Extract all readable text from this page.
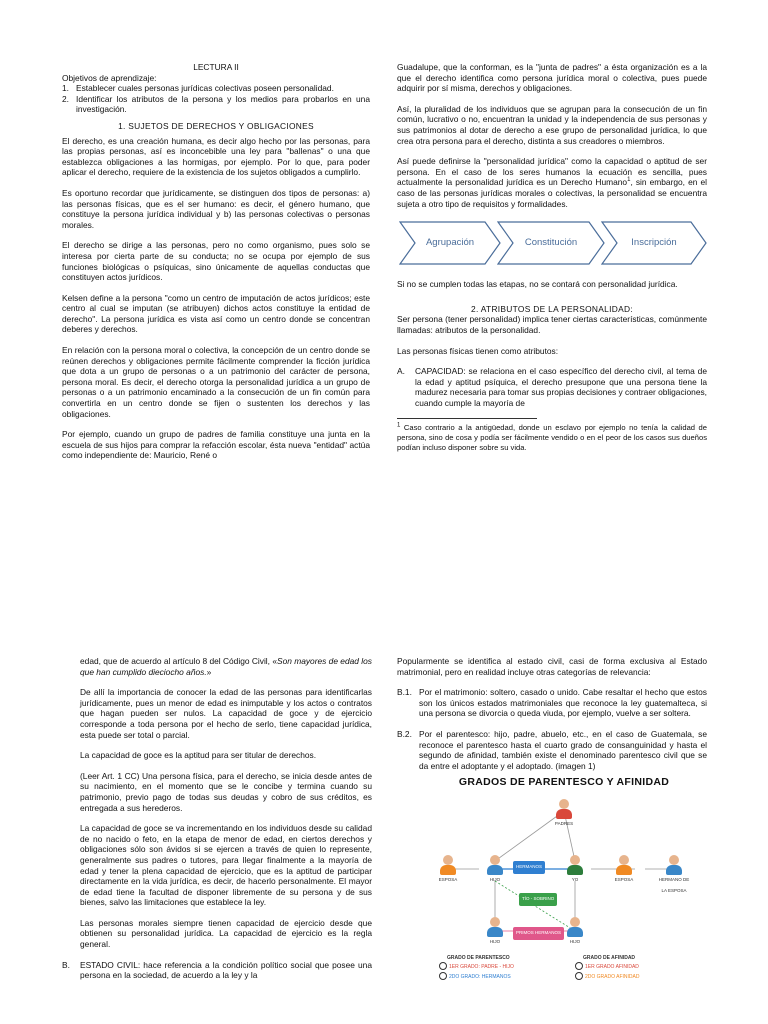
LECTURA II

Objetivos de aprendizaje:

1. Establecer cuales personas jurídicas colectivas poseen personalidad.
2. Identificar los atributos de la persona y los medios para probarlos en una investigación.
1. SUJETOS DE DERECHOS Y OBLIGACIONES

El derecho, es una creación humana, es decir algo hecho por las personas, para las propias personas, así es inconcebible una ley para "ballenas" o una que establezca obligaciones a las hormigas, por ejemplo. Por lo que, para poder aplicar el derecho, requiere de la existencia de los sujetos obligados a cumplirlo.

Es oportuno recordar que jurídicamente, se distinguen dos tipos de personas: a) las personas físicas, que es el ser humano: es decir, el género humano, que constituye la persona jurídica individual y b) las personas colectivas o personas morales.

El derecho se dirige a las personas, pero no como organismo, pues solo se interesa por cierta parte de su conducta; no se ocupa por ejemplo de sus funciones biológicas o psíquicas, sino únicamente de aquellas conductas que constituyen actos jurídicos.

Kelsen define a la persona "como un centro de imputación de actos jurídicos; este centro al cual se imputan (se atribuyen) dichos actos constituye la entidad de derecho". La persona jurídica es vista así como un centro donde se concentran deberes y derechos.

En relación con la persona moral o colectiva, la concepción de un centro donde se reúnen derechos y obligaciones permite fácilmente comprender la ficción jurídica que dota a un grupo de personas o a un patrimonio del carácter de persona, persona moral. Es decir, el derecho otorga la personalidad jurídica a un grupo de personas o a un patrimonio encaminado a la consecución de un fin común para convertirla en un centro donde se fijen o sustenten los derechos y las obligaciones.

Por ejemplo, cuando un grupo de padres de familia constituye una junta en la escuela de sus hijos para comprar la refacción escolar, ésta nueva "entidad" actúa como independiente de: Mauricio, René o

Guadalupe, que la conforman, es la "junta de padres" a ésta organización es a la que el derecho identifica como persona jurídica moral o colectiva, pues puede adquirir por sí misma, derechos y obligaciones.

Así, la pluralidad de los individuos que se agrupan para la consecución de un fin común, lucrativo o no, encuentran la unidad y la independencia de sus personas y sus patrimonios al dotar de derecho a ese grupo de personalidad jurídica, lo que crea otra persona para el derecho, distinta a sus creadores o miembros.

Así puede definirse la "personalidad jurídica" como la capacidad o aptitud de ser persona. En el caso de los seres humanos la ecuación es sencilla, pues actualmente la personalidad jurídica es un Derecho Humano$^1$, sin embargo, en el caso de las personas jurídicas morales o colectivas, la personalidad se encuentra sujeta a otro tipo de requisitos y formalidades.

Agrupación	Constitución	Inscripción

Si no se cumplen todas las etapas, no se contará con personalidad jurídica.

2. ATRIBUTOS DE LA PERSONALIDAD:

Ser persona (tener personalidad) implica tener ciertas características, comúnmente llamadas: atributos de la personalidad.

Las personas físicas tienen como atributos:

A.	CAPACIDAD: se relaciona en el caso específico del derecho civil, al tema de la edad y aptitud psíquica, el derecho presupone que una persona tiene la madurez necesaria para tomar sus propias decisiones y contraer obligaciones, cuando cumple la mayoría de
$^1$ Caso contrario a la antigüedad, donde un esclavo por ejemplo no tenía la calidad de persona, sino de cosa y podía ser fácilmente vendido o en el peor de los casos sus dueños podían incluso disponer sobre su vida.

edad, que de acuerdo al artículo 8 del Código Civil, «Son mayores de edad los que han cumplido dieciocho años.»

De allí la importancia de conocer la edad de las personas para identificarlas jurídicamente, pues un menor de edad es inimputable y los actos o contratos que hagan pueden ser nulos. La capacidad de goce y de ejercicio corresponde a toda persona por el hecho de serlo, tiene capacidad jurídica, esta puede ser total o parcial.

La capacidad de goce es la aptitud para ser titular de derechos.

(Leer Art. 1 CC) Una persona física, para el derecho, se inicia desde antes de su nacimiento, en el momento que se le concibe y termina cuando su patrimonio, previo pago de todas sus deudas y cobro de sus créditos, es entregada a sus herederos.

La capacidad de goce se va incrementando en los individuos desde su calidad de no nacido o feto, en la etapa de menor de edad, en ciertos derechos y obligaciones sólo son ávidos si se ejercen a través de quien lo represente, generalmente sus padres o tutores, para llegar finalmente a la mayoría de edad y tener la plena capacidad de ejercicio, que es la aptitud de participar directamente en la vida jurídica, es decir, de hacerlo personalmente. El mayor de edad tiene la facultad de disponer libremente de su persona y de sus bienes, salvo las limitaciones que establece la ley.

Las personas morales siempre tienen capacidad de ejercicio desde que obtienen su personalidad jurídica. La capacidad de ejercicio es la regla general.

B.	ESTADO CIVIL: hace referencia a la condición político social que posee una persona en la sociedad, de acuerdo a la ley y la

Popularmente se identifica al estado civil, casi de forma exclusiva al Estado matrimonial, pero en realidad incluye otras categorías de relevancia:

B.1. Por el matrimonio: soltero, casado o unido. Cabe resaltar el hecho que estos son los únicos estados matrimoniales que reconoce la ley guatemalteca, si una persona se divorcia o queda viuda, por ejemplo, vuelve a ser soltera.
B.2. Por el parentesco: hijo, padre, abuelo, etc., en el caso de Guatemala, se reconoce el parentesco hasta el cuarto grado de consanguinidad y hasta el segundo de afinidad, también existe el denominado parentesco civil que se da entre el adoptante y el adoptado. (imagen 1)
GRADOS DE PARENTESCO Y AFINIDAD
PADRES
ESPOSA	HIJO	YO	ESPOSA	HERMANO DE LA ESPOSA
HERMANOS
TÍO - SOBRINO
PRIMOS HERMANOS
HIJO	HIJO
GRADO DE PARENTESCO	GRADO DE AFINIDAD
1ER GRADO: PADRE - HIJO
2DO GRADO: HERMANOS
1ER GRADO AFINIDAD
2DO GRADO AFINIDAD
